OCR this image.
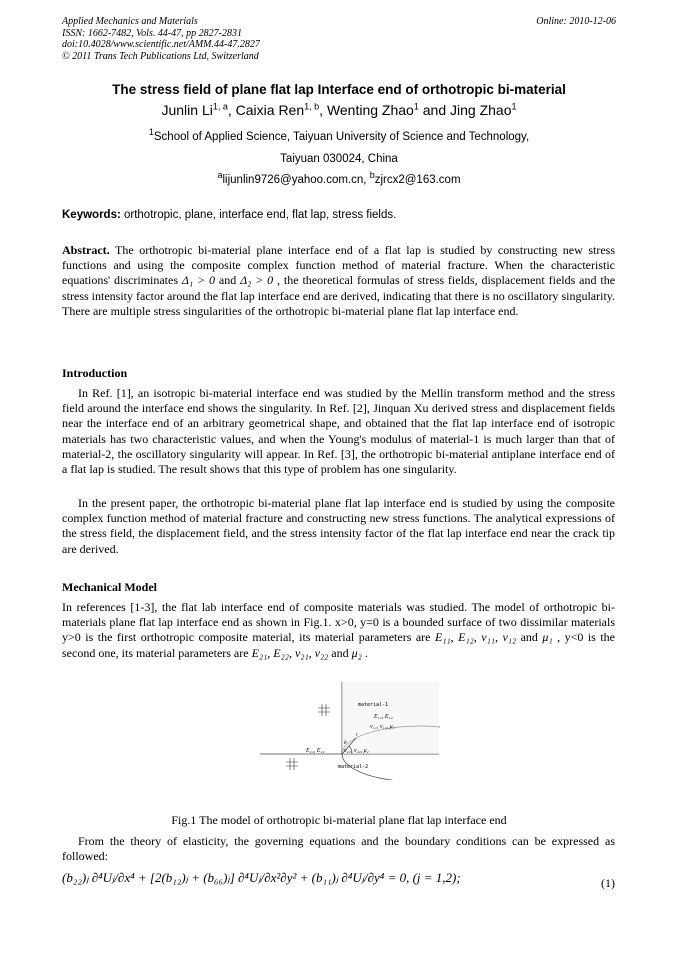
Applied Mechanics and Materials
ISSN: 1662-7482, Vols. 44-47, pp 2827-2831
doi:10.4028/www.scientific.net/AMM.44-47.2827
© 2011 Trans Tech Publications Ltd, Switzerland
Online: 2010-12-06
The stress field of plane flat lap Interface end of orthotropic bi-material
Junlin Li$^{1, a}$, Caixia Ren$^{1, b}$, Wenting Zhao$^1$ and Jing Zhao$^1$
$^1$School of Applied Science, Taiyuan University of Science and Technology,
Taiyuan 030024, China
$^a$lijunlin9726@yahoo.com.cn, $^b$zjrcx2@163.com
Keywords: orthotropic, plane, interface end, flat lap, stress fields.
Abstract. The orthotropic bi-material plane interface end of a flat lap is studied by constructing new stress functions and using the composite complex function method of material fracture. When the characteristic equations' discriminates Δ₁ > 0 and Δ₂ > 0 , the theoretical formulas of stress fields, displacement fields and the stress intensity factor around the flat lap interface end are derived, indicating that there is no oscillatory singularity. There are multiple stress singularities of the orthotropic bi-material plane flat lap interface end.
Introduction
In Ref. [1], an isotropic bi-material interface end was studied by the Mellin transform method and the stress field around the interface end shows the singularity. In Ref. [2], Jinquan Xu derived stress and displacement fields near the interface end of an arbitrary geometrical shape, and obtained that the flat lap interface end of isotropic materials has two characteristic values, and when the Young's modulus of material-1 is much larger than that of material-2, the oscillatory singularity will appear. In Ref. [3], the orthotropic bi-material antiplane interface end of a flat lap is studied. The result shows that this type of problem has one singularity.
In the present paper, the orthotropic bi-material plane flat lap interface end is studied by using the composite complex function method of material fracture and constructing new stress functions. The analytical expressions of the stress field, the displacement field, and the stress intensity factor of the flat lap interface end near the crack tip are derived.
Mechanical Model
In references [1-3], the flat lab interface end of composite materials was studied. The model of orthotropic bi-materials plane flat lap interface end as shown in Fig.1. x>0, y=0 is a bounded surface of two dissimilar materials y>0 is the first orthotropic composite material, its material parameters are E₁₁, E₁₂, ν₁₁, ν₁₂ and μ₁ , y<0 is the second one, its material parameters are E₂₁, E₂₂, ν₂₁, ν₂₂ and μ₂ .
material-1
E₁₁, E₁₂
ν₁₁, ν₁₂, μ₁
E₂₁, E₂₂	ν₂₁, ν₂₂, μ₂
θ
r
material-2
Fig.1 The model of orthotropic bi-material plane flat lap interface end
From the theory of elasticity, the governing equations and the boundary conditions can be expressed as followed:
(b₂₂)ⱼ ∂⁴Uⱼ/∂x⁴ + [2(b₁₂)ⱼ + (b₆₆)ⱼ] ∂⁴Uⱼ/∂x²∂y² + (b₁₁)ⱼ ∂⁴Uⱼ/∂y⁴ = 0, (j = 1,2);	(1)
